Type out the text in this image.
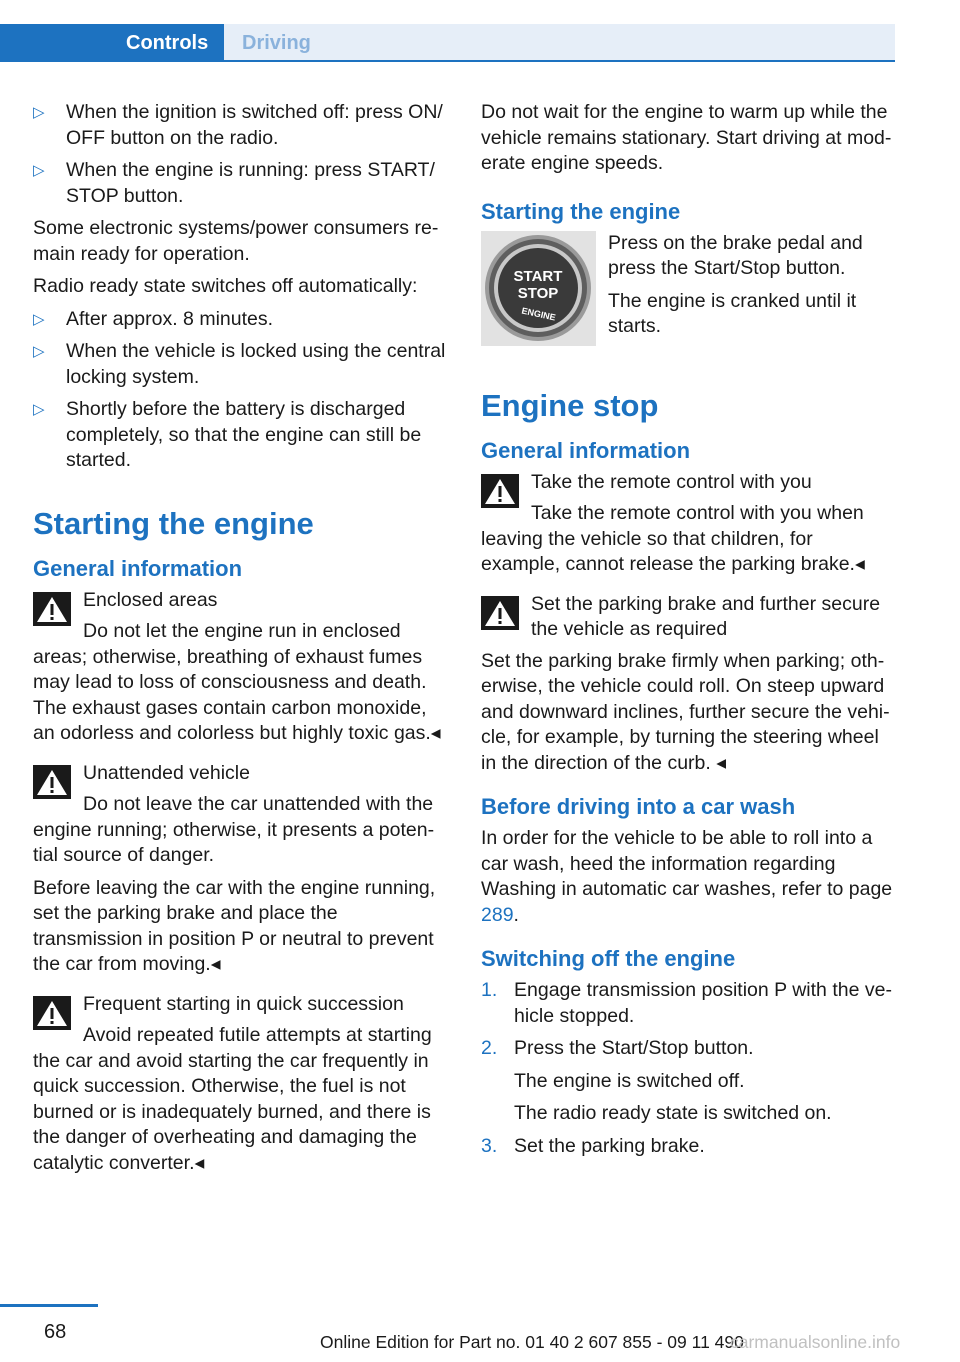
Controls	Driving
▷	When the ignition is switched off: press ON/ OFF button on the radio.
▷	When the engine is running: press START/ STOP button.

Some electronic systems/power consumers remain ready for operation.

Radio ready state switches off automatically:

▷	After approx. 8 minutes.
▷	When the vehicle is locked using the central locking system.
▷	Shortly before the battery is discharged completely, so that the engine can still be started.
Starting the engine
General information
Enclosed areas
Do not let the engine run in enclosed areas; otherwise, breathing of exhaust fumes may lead to loss of consciousness and death. The exhaust gases contain carbon monoxide, an odorless and colorless but highly toxic gas.◂
Unattended vehicle
Do not leave the car unattended with the engine running; otherwise, it presents a potential source of danger.

Before leaving the car with the engine running, set the parking brake and place the transmission in position P or neutral to prevent the car from moving.◂

Frequent starting in quick succession
Avoid repeated futile attempts at starting the car and avoid starting the car frequently in quick succession. Otherwise, the fuel is not burned or is inadequately burned, and there is the danger of overheating and damaging the catalytic converter.◂

Do not wait for the engine to warm up while the vehicle remains stationary. Start driving at moderate engine speeds.

Starting the engine
START
STOP
ENGINE

Press on the brake pedal and press the Start/Stop button.

The engine is cranked until it starts.

Engine stop
General information
Take the remote control with you
Take the remote control with you when leaving the vehicle so that children, for example, cannot release the parking brake.◂
Set the parking brake and further secure the vehicle as required
Set the parking brake firmly when parking; otherwise, the vehicle could roll. On steep upward and downward inclines, further secure the vehicle, for example, by turning the steering wheel in the direction of the curb. ◂
Before driving into a car wash

In order for the vehicle to be able to roll into a car wash, heed the information regarding Washing in automatic car washes, refer to page 289.

Switching off the engine
1. Engage transmission position P with the vehicle stopped.
2. Press the Start/Stop button.
The engine is switched off.
The radio ready state is switched on.
3. Set the parking brake.
68	Online Edition for Part no. 01 40 2 607 855 - 09 11 490
carmanualsonline.info
